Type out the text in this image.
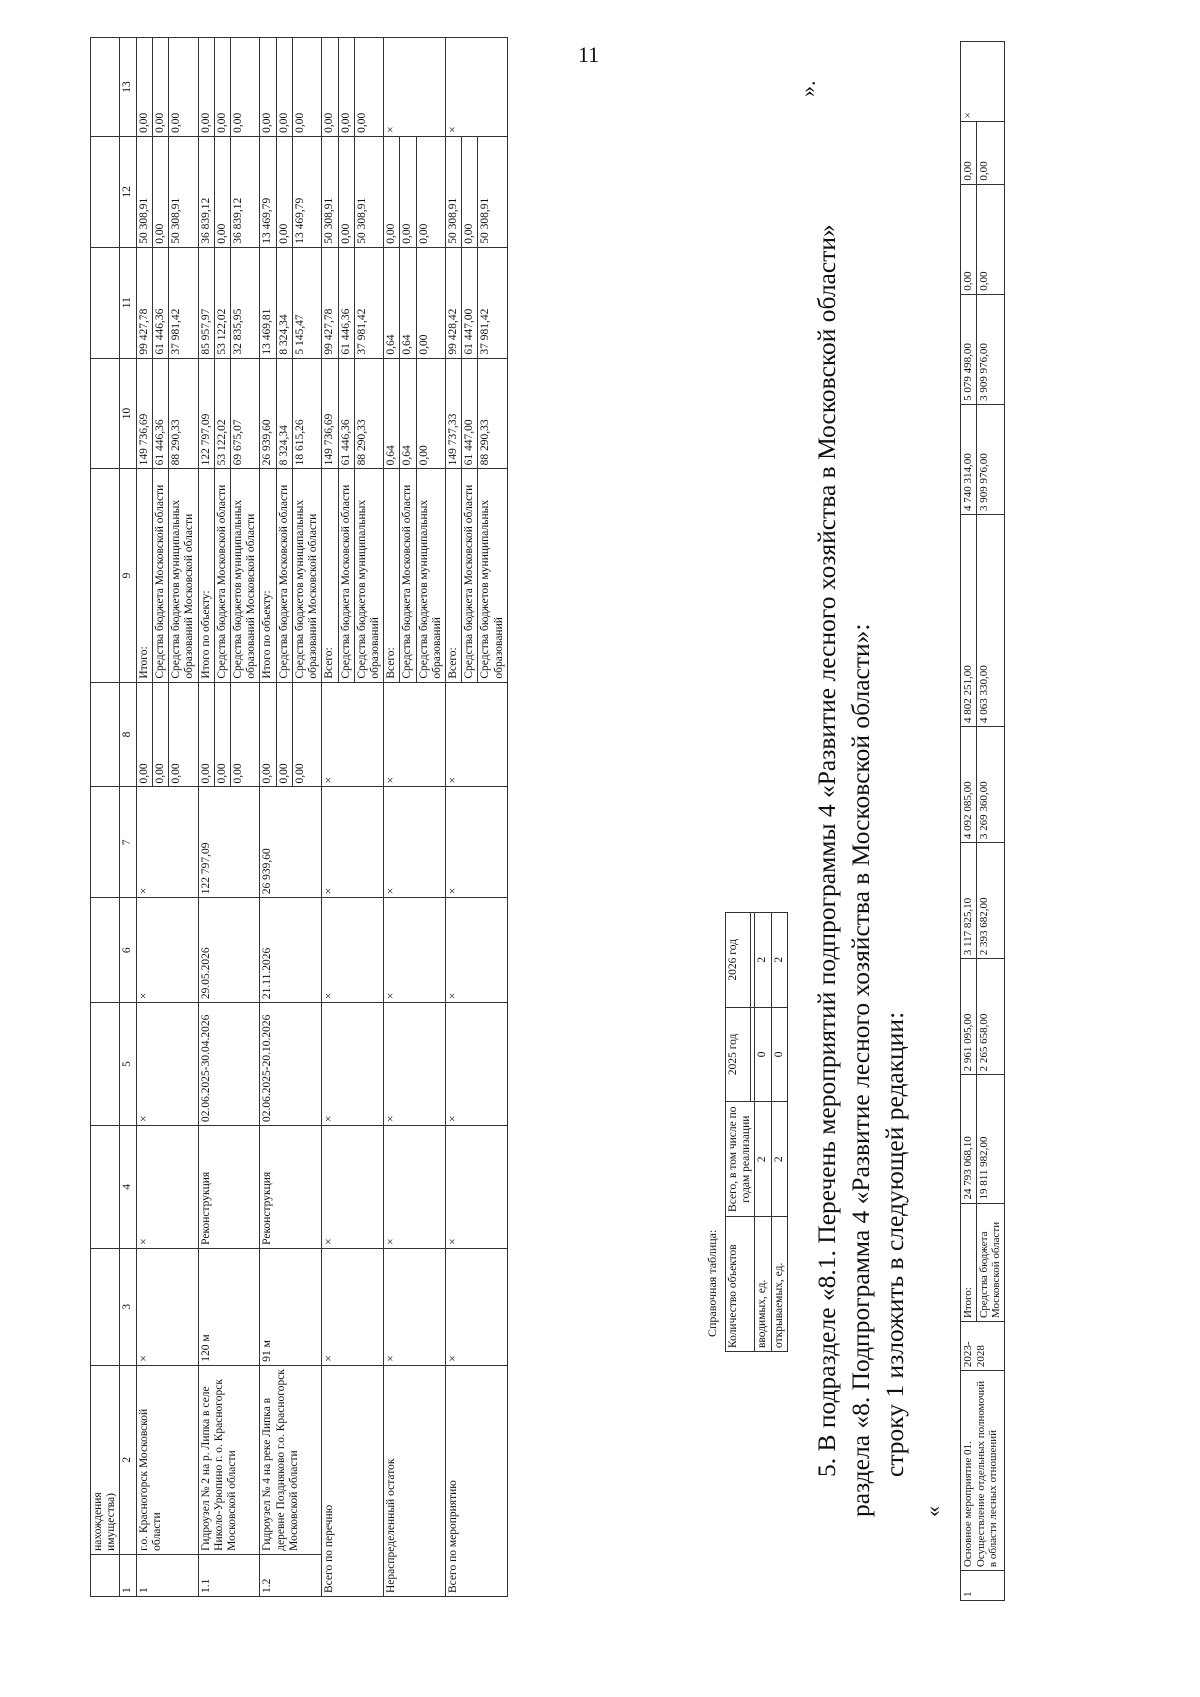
11
	нахождения
имущества)											
1	2	3	4	5	6	7	8	9	10	11	12	13
1	г.о. Красногорск Московской области	×	×	×	×	×	0,00	Итого:	149 736,69	99 427,78	50 308,91	0,00
							0,00	Средства бюджета Московской области	61 446,36	61 446,36	0,00	0,00
							0,00	Средства бюджетов муниципальных образований Московской области	88 290,33	37 981,42	50 308,91	0,00
1.1	Гидроузел № 2 на р. Липка в селе Николо-Урюпино г. о. Красногорск Московской области	120 м	Реконструкция	02.06.2025-30.04.2026	29.05.2026	122 797,09	0,00	Итого по объекту:	122 797,09	85 957,97	36 839,12	0,00
							0,00	Средства бюджета Московской области	53 122,02	53 122,02	0,00	0,00
							0,00	Средства бюджетов муниципальных образований Московской области	69 675,07	32 835,95	36 839,12	0,00
1.2	Гидроузел № 4 на реке Липка в деревне Поздняково г.о. Красногорск Московской области	91 м	Реконструкция	02.06.2025-20.10.2026	21.11.2026	26 939,60	0,00	Итого по объекту:	26 939,60	13 469,81	13 469,79	0,00
							0,00	Средства бюджета Московской области	8 324,34	8 324,34	0,00	0,00
							0,00	Средства бюджетов муниципальных образований Московской области	18 615,26	5 145,47	13 469,79	0,00
Всего по перечню		×	×	×	×	×	×	Всего:	149 736,69	99 427,78	50 308,91	0,00
								Средства бюджета Московской области	61 446,36	61 446,36	0,00	0,00
								Средства бюджетов муниципальных образований	88 290,33	37 981,42	50 308,91	0,00
Нераспределенный остаток		×	×	×	×	×	×	Всего:	0,64	0,64	0,00	×
								Средства бюджета Московской области	0,64	0,64	0,00	
								Средства бюджетов муниципальных образований	0,00	0,00	0,00	
Всего по мероприятию		×	×	×	×	×	×	Всего:	149 737,33	99 428,42	50 308,91	×
								Средства бюджета Московской области	61 447,00	61 447,00	0,00	
								Средства бюджетов муниципальных образований	88 290,33	37 981,42	50 308,91	
Справочная таблица: Количество объектов	Всего, в том числе по годам реализации	2025 год	2026 год

вводимых, ед.	2	0	2
открываемых, ед.	2	0	2
».
5. В подразделе «8.1. Перечень мероприятий подпрограммы 4 «Развитие лесного хозяйства в Московской области» раздела «8. Подпрограмма 4 «Развитие лесного хозяйства в Московской области»: строку 1 изложить в следующей редакции:
«
1	Основное мероприятие 01. Осуществление отдельных полномочий в области лесных отношений	2023-2028	Итого:	24 793 068,10	2 961 095,00	3 117 825,10	4 092 085,00	4 802 251,00	4 740 314,00	5 079 498,00	0,00	0,00	×
			Средства бюджета Московской области	19 811 982,00	2 265 658,00	2 393 682,00	3 269 360,00	4 063 330,00	3 909 976,00	3 909 976,00	0,00	0,00	
